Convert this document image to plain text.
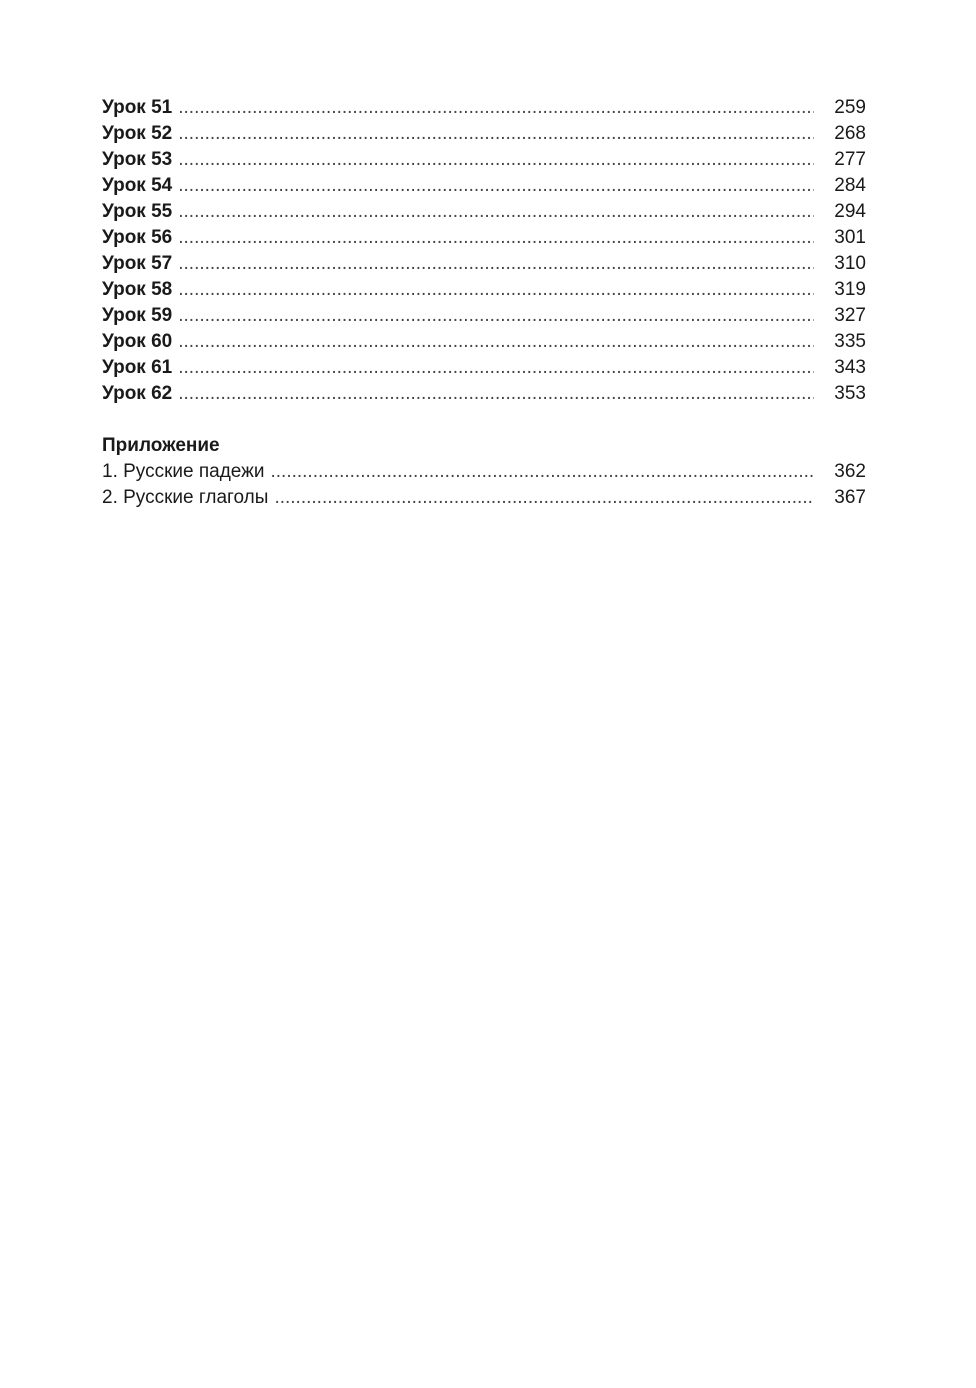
Урок 51 .....	259
Урок 52 .....	268
Урок 53 .....	277
Урок 54 .....	284
Урок 55 .....	294
Урок 56 .....	301
Урок 57 .....	310
Урок 58 .....	319
Урок 59 .....	327
Урок 60 .....	335
Урок 61 .....	343
Урок 62 .....	353
Приложение
1. Русские падежи .....	362
2. Русские глаголы .....	367
